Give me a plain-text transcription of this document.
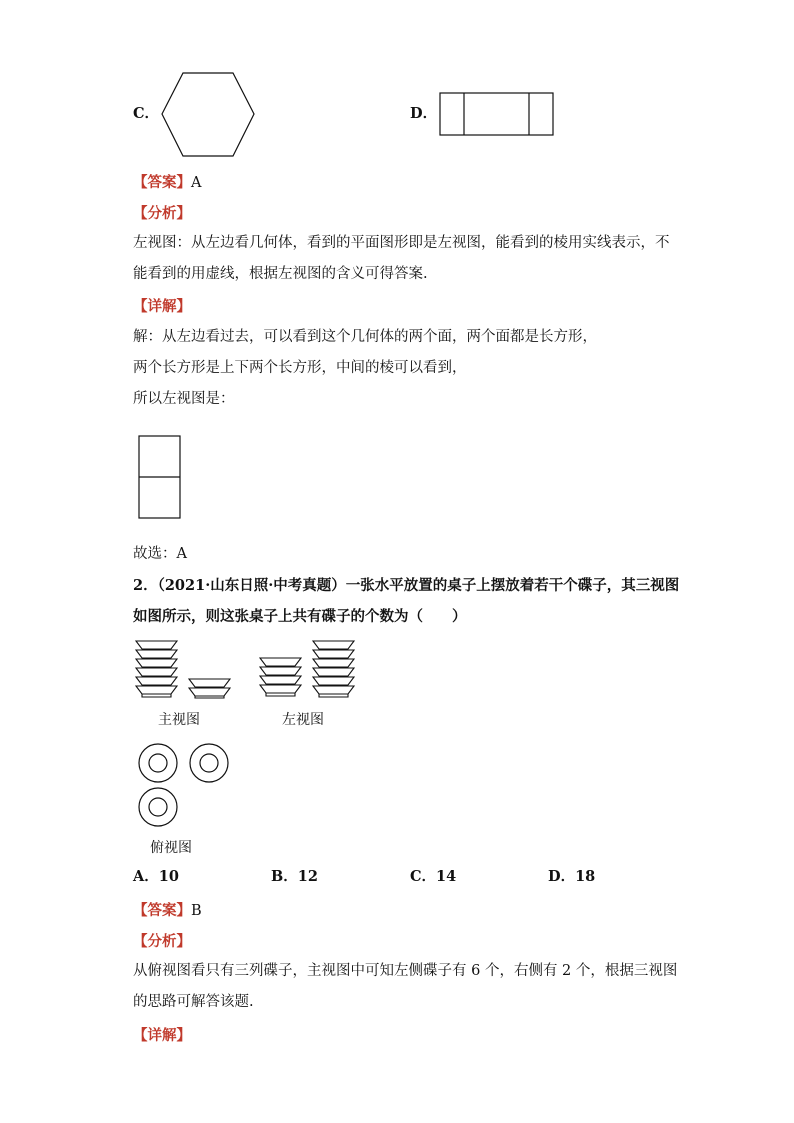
C．	D．
【答案】A
【分析】
左视图：从左边看几何体，看到的平面图形即是左视图，能看到的棱用实线表示，不
能看到的用虚线，根据左视图的含义可得答案.
【详解】
解：从左边看过去，可以看到这个几何体的两个面，两个面都是长方形，
两个长方形是上下两个长方形，中间的棱可以看到，
所以左视图是：
故选：A
2．（2021·山东日照·中考真题）一张水平放置的桌子上摆放着若干个碟子，其三视图
如图所示，则这张桌子上共有碟子的个数为（　　）
主视图	左视图
俯视图
A．10	B．12	C．14	D．18
【答案】B
【分析】
从俯视图看只有三列碟子，主视图中可知左侧碟子有 6 个，右侧有 2 个，根据三视图
的思路可解答该题.
【详解】
